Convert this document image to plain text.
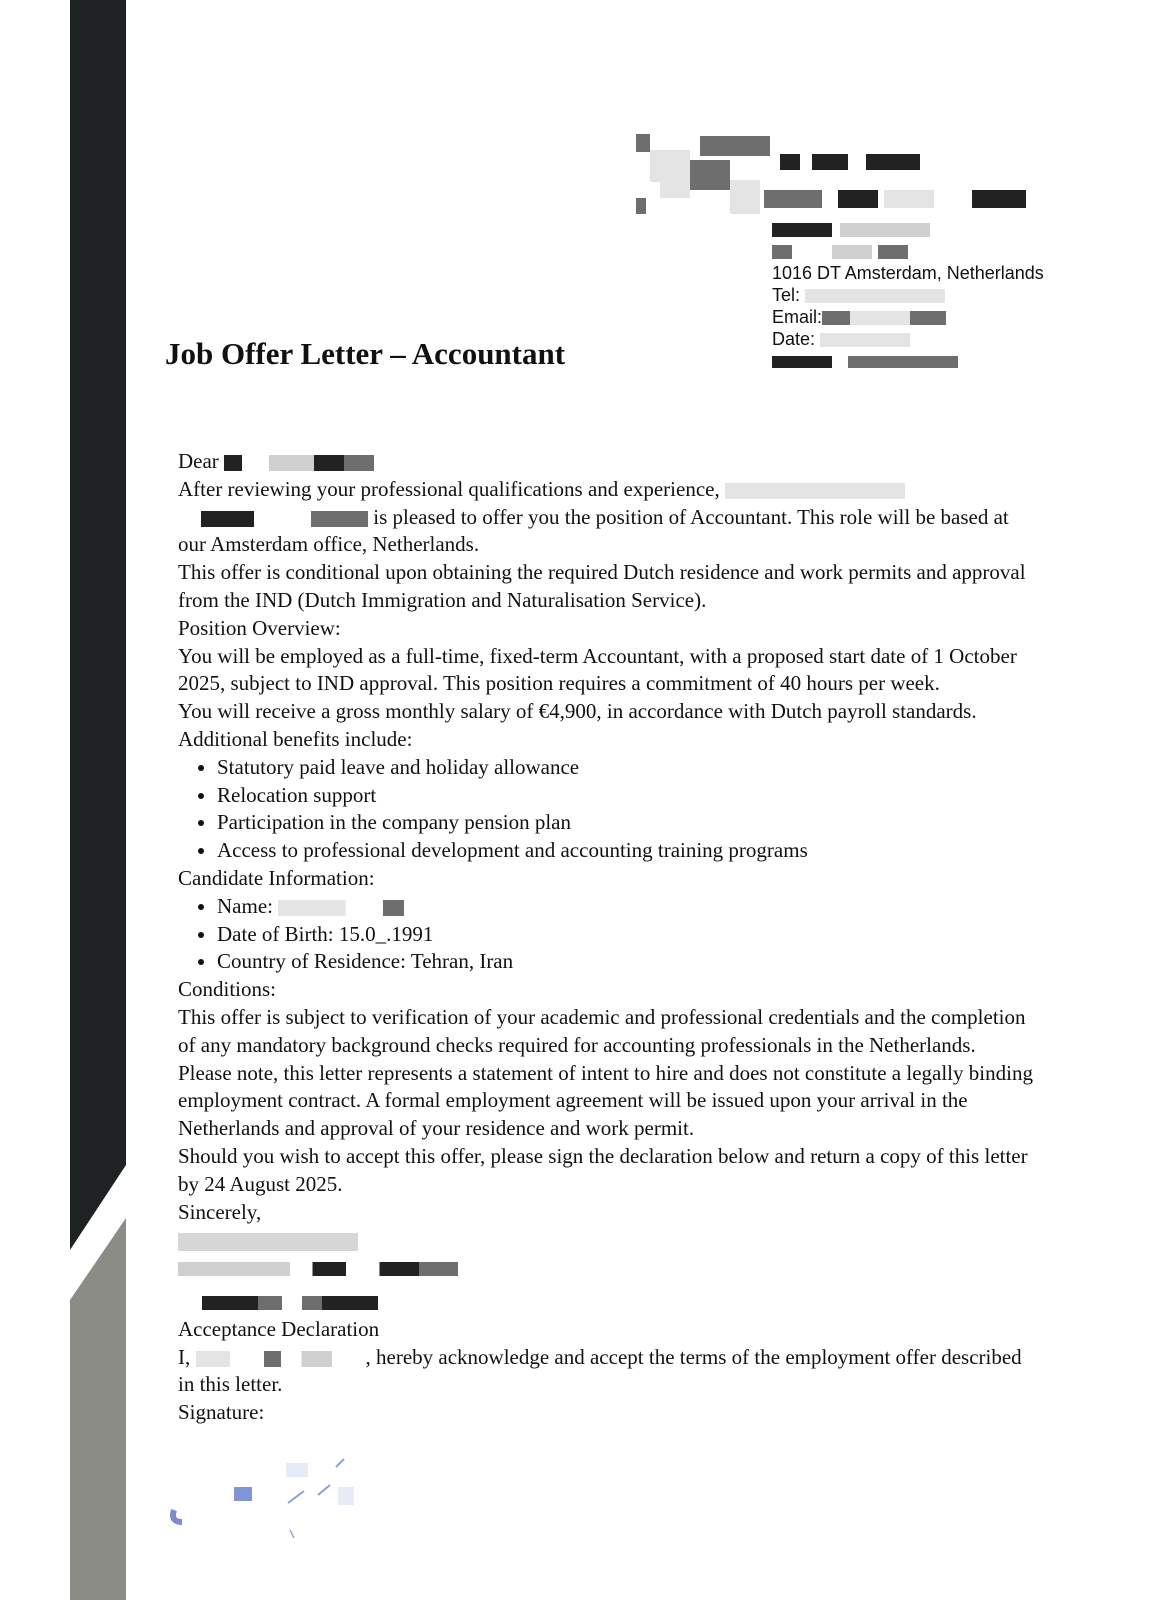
1016 DT Amsterdam, Netherlands
Tel:
Email:
Date:
Job Offer Letter – Accountant

Dear

After reviewing your professional qualifications and experience,   is pleased to offer you the position of Accountant. This role will be based at our Amsterdam office, Netherlands.

This offer is conditional upon obtaining the required Dutch residence and work permits and approval from the IND (Dutch Immigration and Naturalisation Service).

Position Overview:

You will be employed as a full-time, fixed-term Accountant, with a proposed start date of 1 October 2025, subject to IND approval. This position requires a commitment of 40 hours per week.

You will receive a gross monthly salary of €4,900, in accordance with Dutch payroll standards. Additional benefits include:

• Statutory paid leave and holiday allowance
• Relocation support
• Participation in the company pension plan
• Access to professional development and accounting training programs

Candidate Information:

• Name:
• Date of Birth: 15.0_.1991
• Country of Residence: Tehran, Iran

Conditions:

This offer is subject to verification of your academic and professional credentials and the completion of any mandatory background checks required for accounting professionals in the Netherlands.

Please note, this letter represents a statement of intent to hire and does not constitute a legally binding employment contract. A formal employment agreement will be issued upon your arrival in the Netherlands and approval of your residence and work permit.

Should you wish to accept this offer, please sign the declaration below and return a copy of this letter by 24 August 2025.

Sincerely,

Acceptance Declaration

I,	, hereby acknowledge and accept the terms of the employment offer described in this letter.

Signature:
